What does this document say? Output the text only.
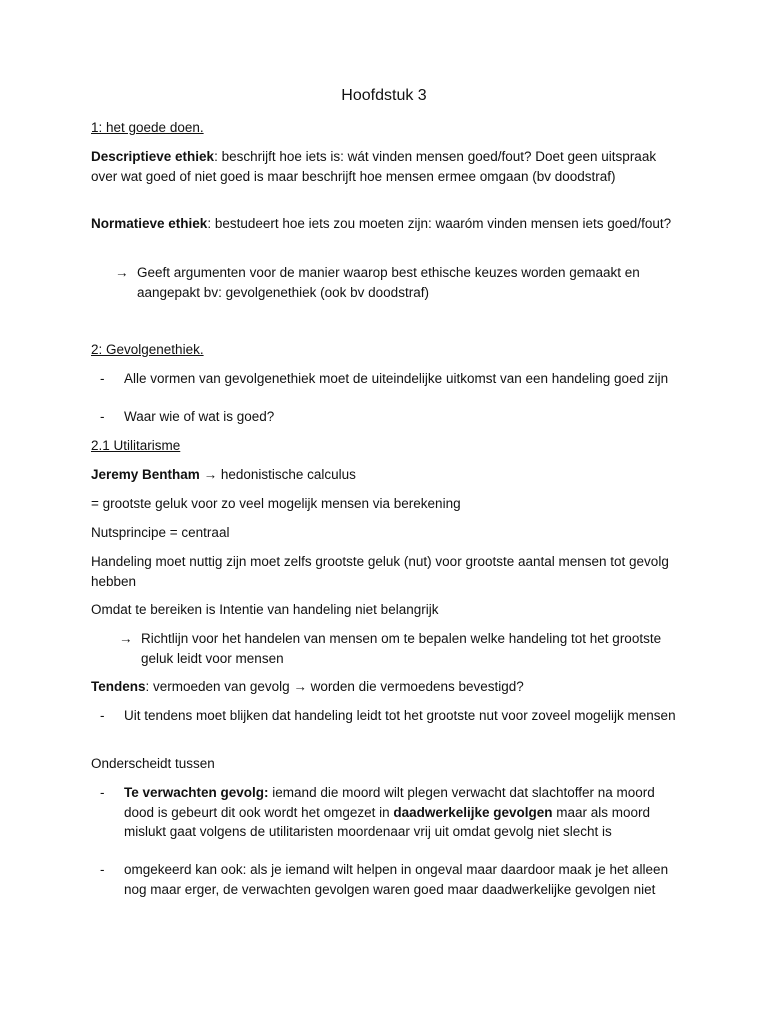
Hoofdstuk 3
1: het goede doen.
Descriptieve ethiek: beschrijft hoe iets is: wát vinden mensen goed/fout? Doet geen uitspraak over wat goed of niet goed is maar beschrijft hoe mensen ermee omgaan (bv doodstraf)
Normatieve ethiek: bestudeert hoe iets zou moeten zijn: waaróm vinden mensen iets goed/fout?
→ Geeft argumenten voor de manier waarop best ethische keuzes worden gemaakt en aangepakt bv: gevolgenethiek (ook bv doodstraf)
2: Gevolgenethiek.
-	Alle vormen van gevolgenethiek moet de uiteindelijke uitkomst van een handeling goed zijn
-	Waar wie of wat is goed?
2.1 Utilitarisme
Jeremy Bentham → hedonistische calculus
= grootste geluk voor zo veel mogelijk mensen via berekening
Nutsprincipe = centraal
Handeling moet nuttig zijn moet zelfs grootste geluk (nut) voor grootste aantal mensen tot gevolg hebben
Omdat te bereiken is Intentie van handeling niet belangrijk
→ Richtlijn voor het handelen van mensen om te bepalen welke handeling tot het grootste geluk leidt voor mensen
Tendens: vermoeden van gevolg → worden die vermoedens bevestigd?
-	Uit tendens moet blijken dat handeling leidt tot het grootste nut voor zoveel mogelijk mensen
Onderscheidt tussen
-	Te verwachten gevolg: iemand die moord wilt plegen verwacht dat slachtoffer na moord dood is gebeurt dit ook wordt het omgezet in daadwerkelijke gevolgen maar als moord mislukt gaat volgens de utilitaristen moordenaar vrij uit omdat gevolg niet slecht is
-	omgekeerd kan ook: als je iemand wilt helpen in ongeval maar daardoor maak je het alleen nog maar erger, de verwachten gevolgen waren goed maar daadwerkelijke gevolgen niet
